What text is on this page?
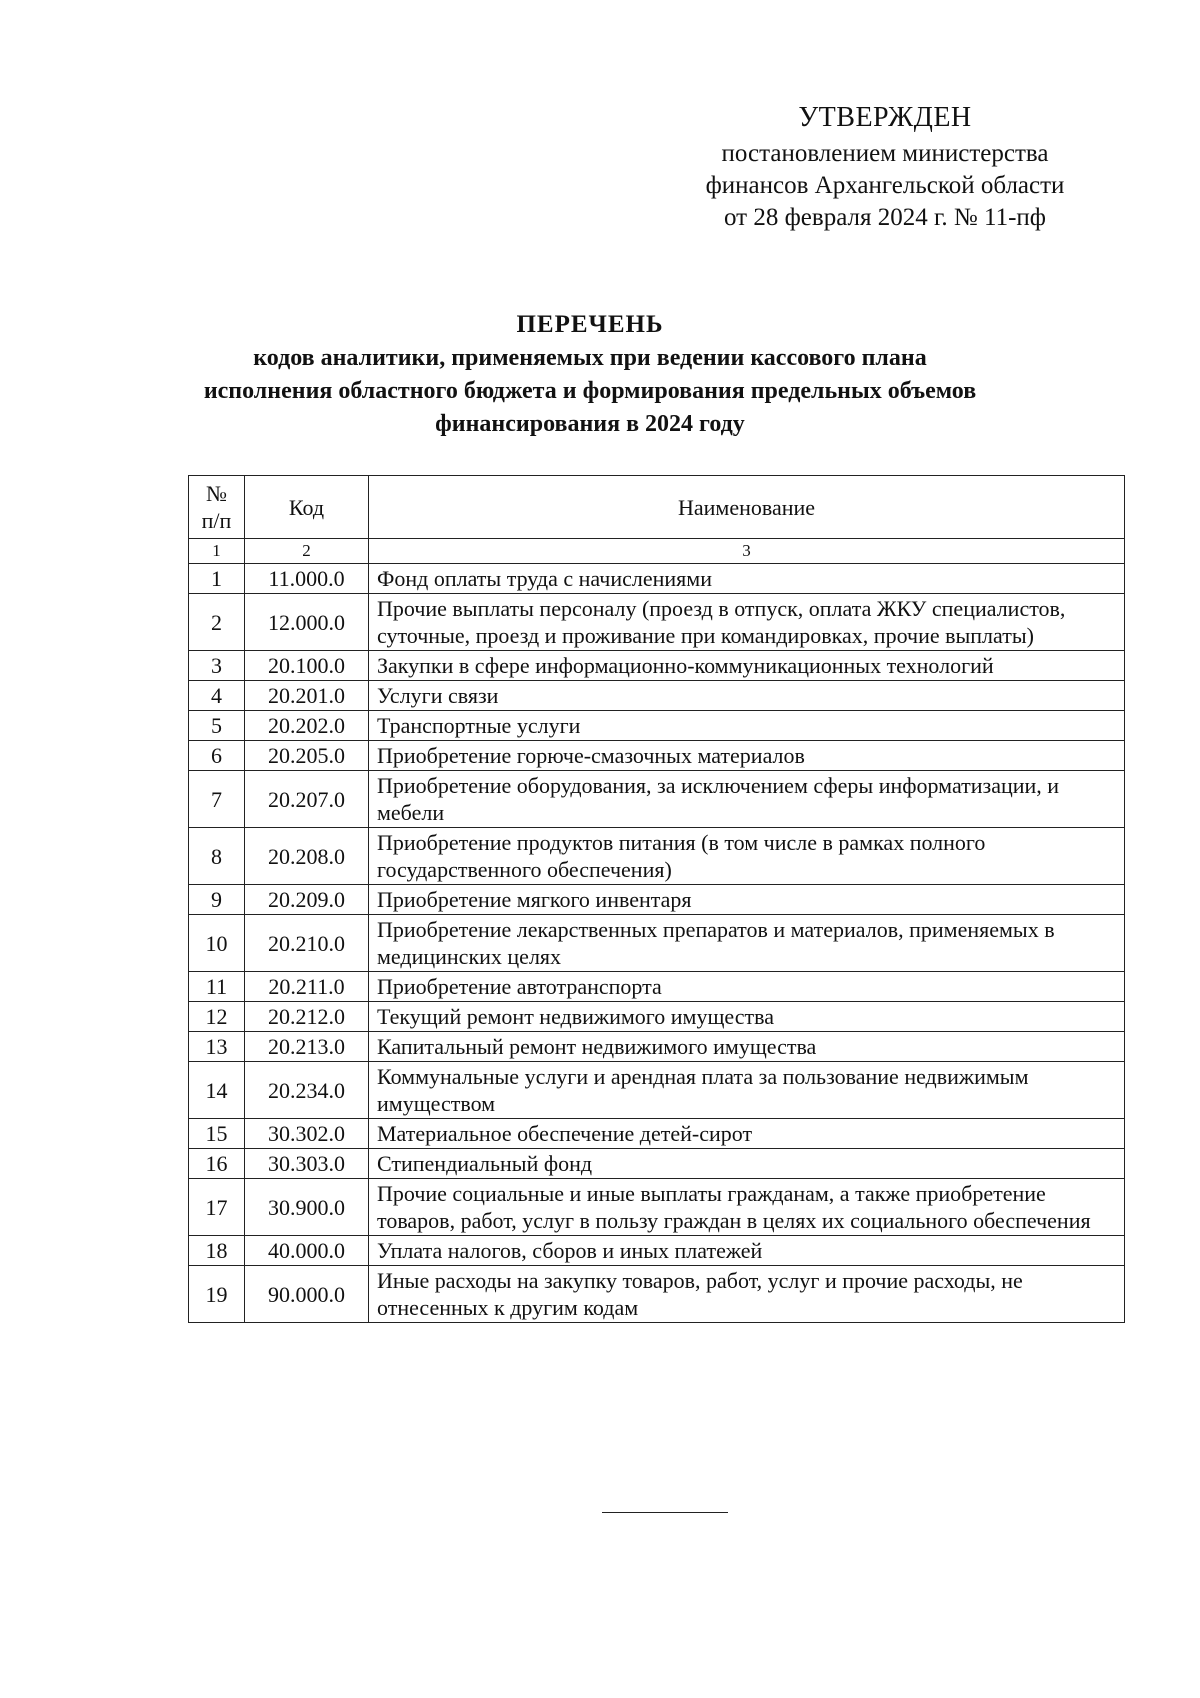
УТВЕРЖДЕН
постановлением министерства
финансов Архангельской области
от 28 февраля 2024 г. № 11-пф
ПЕРЕЧЕНЬ
кодов аналитики, применяемых при ведении кассового плана
исполнения областного бюджета и формирования предельных объемов
финансирования в 2024 году
№
п/п	Код	Наименование
1	2	3
1	11.000.0	Фонд оплаты труда с начислениями
2	12.000.0	Прочие выплаты персоналу (проезд в отпуск, оплата ЖКУ специалистов, суточные, проезд и проживание при командировках, прочие выплаты)
3	20.100.0	Закупки в сфере информационно-коммуникационных технологий
4	20.201.0	Услуги связи
5	20.202.0	Транспортные услуги
6	20.205.0	Приобретение горюче-смазочных материалов
7	20.207.0	Приобретение оборудования, за исключением сферы информатизации, и мебели
8	20.208.0	Приобретение продуктов питания (в том числе в рамках полного государственного обеспечения)
9	20.209.0	Приобретение мягкого инвентаря
10	20.210.0	Приобретение лекарственных препаратов и материалов, применяемых в медицинских целях
11	20.211.0	Приобретение автотранспорта
12	20.212.0	Текущий ремонт недвижимого имущества
13	20.213.0	Капитальный ремонт недвижимого имущества
14	20.234.0	Коммунальные услуги и арендная плата за пользование недвижимым имуществом
15	30.302.0	Материальное обеспечение детей-сирот
16	30.303.0	Стипендиальный фонд
17	30.900.0	Прочие социальные и иные выплаты гражданам, а также приобретение товаров, работ, услуг в пользу граждан в целях их социального обеспечения
18	40.000.0	Уплата налогов, сборов и иных платежей
19	90.000.0	Иные расходы на закупку товаров, работ, услуг и прочие расходы, не отнесенных к другим кодам
